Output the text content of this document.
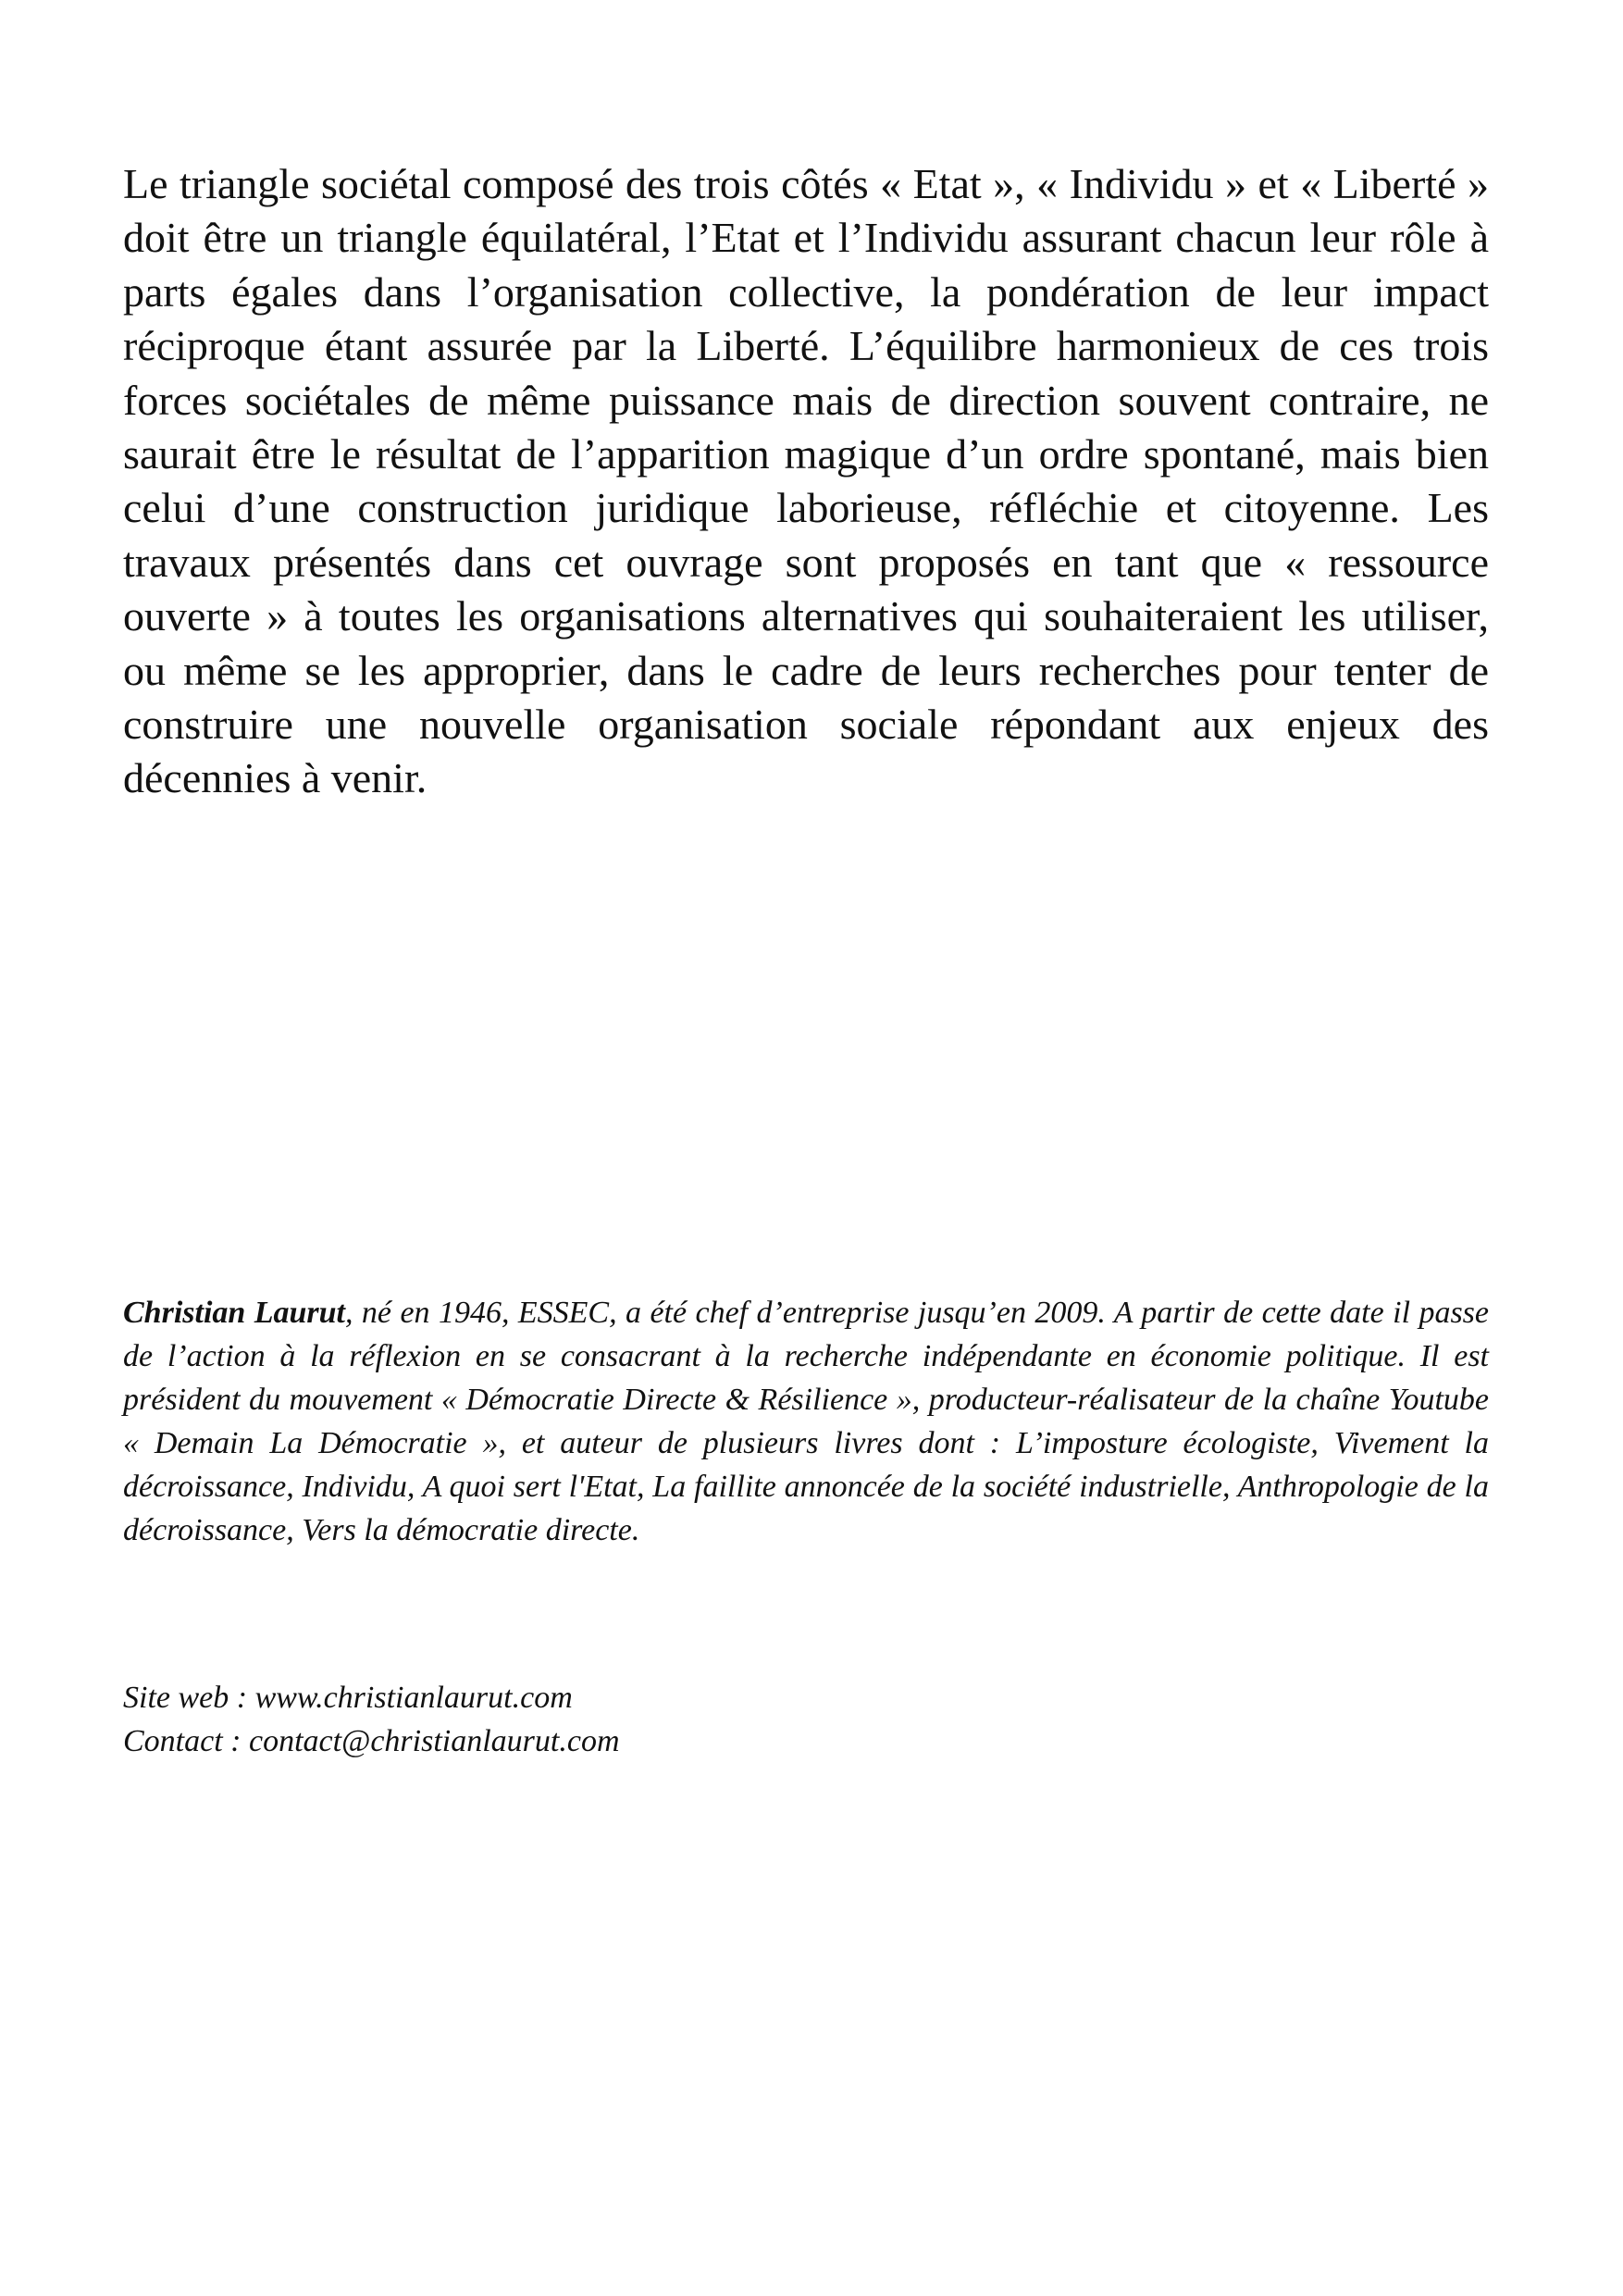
Le triangle sociétal composé des trois côtés « Etat », « Individu » et « Liberté » doit être un triangle équilatéral, l’Etat et l’Individu assurant chacun leur rôle à parts égales dans l’organisation collective, la pondération de leur impact réciproque étant assurée par la Liberté. L’équilibre harmonieux de ces trois forces sociétales de même puissance mais de direction souvent contraire, ne saurait être le résultat de l’apparition magique d’un ordre spontané, mais bien celui d’une construction juridique laborieuse, réfléchie et citoyenne. Les travaux présentés dans cet ouvrage sont proposés en tant que « ressource ouverte » à toutes les organisations alternatives qui souhaiteraient les utiliser, ou même se les approprier, dans le cadre de leurs recherches pour tenter de construire une nouvelle organisation sociale répondant aux enjeux des décennies à venir.

Christian Laurut, né en 1946, ESSEC, a été chef d’entreprise jusqu’en 2009. A partir de cette date il passe de l’action à la réflexion en se consacrant à la recherche indépendante en économie politique. Il est président du mouvement « Démocratie Directe & Résilience », producteur-réalisateur de la chaîne Youtube « Demain La Démocratie », et auteur de plusieurs livres dont : L’imposture écologiste, Vivement la décroissance, Individu, A quoi sert l'Etat, La faillite annoncée de la société industrielle, Anthropologie de la décroissance, Vers la démocratie directe.

Site web : www.christianlaurut.com
Contact : contact@christianlaurut.com
